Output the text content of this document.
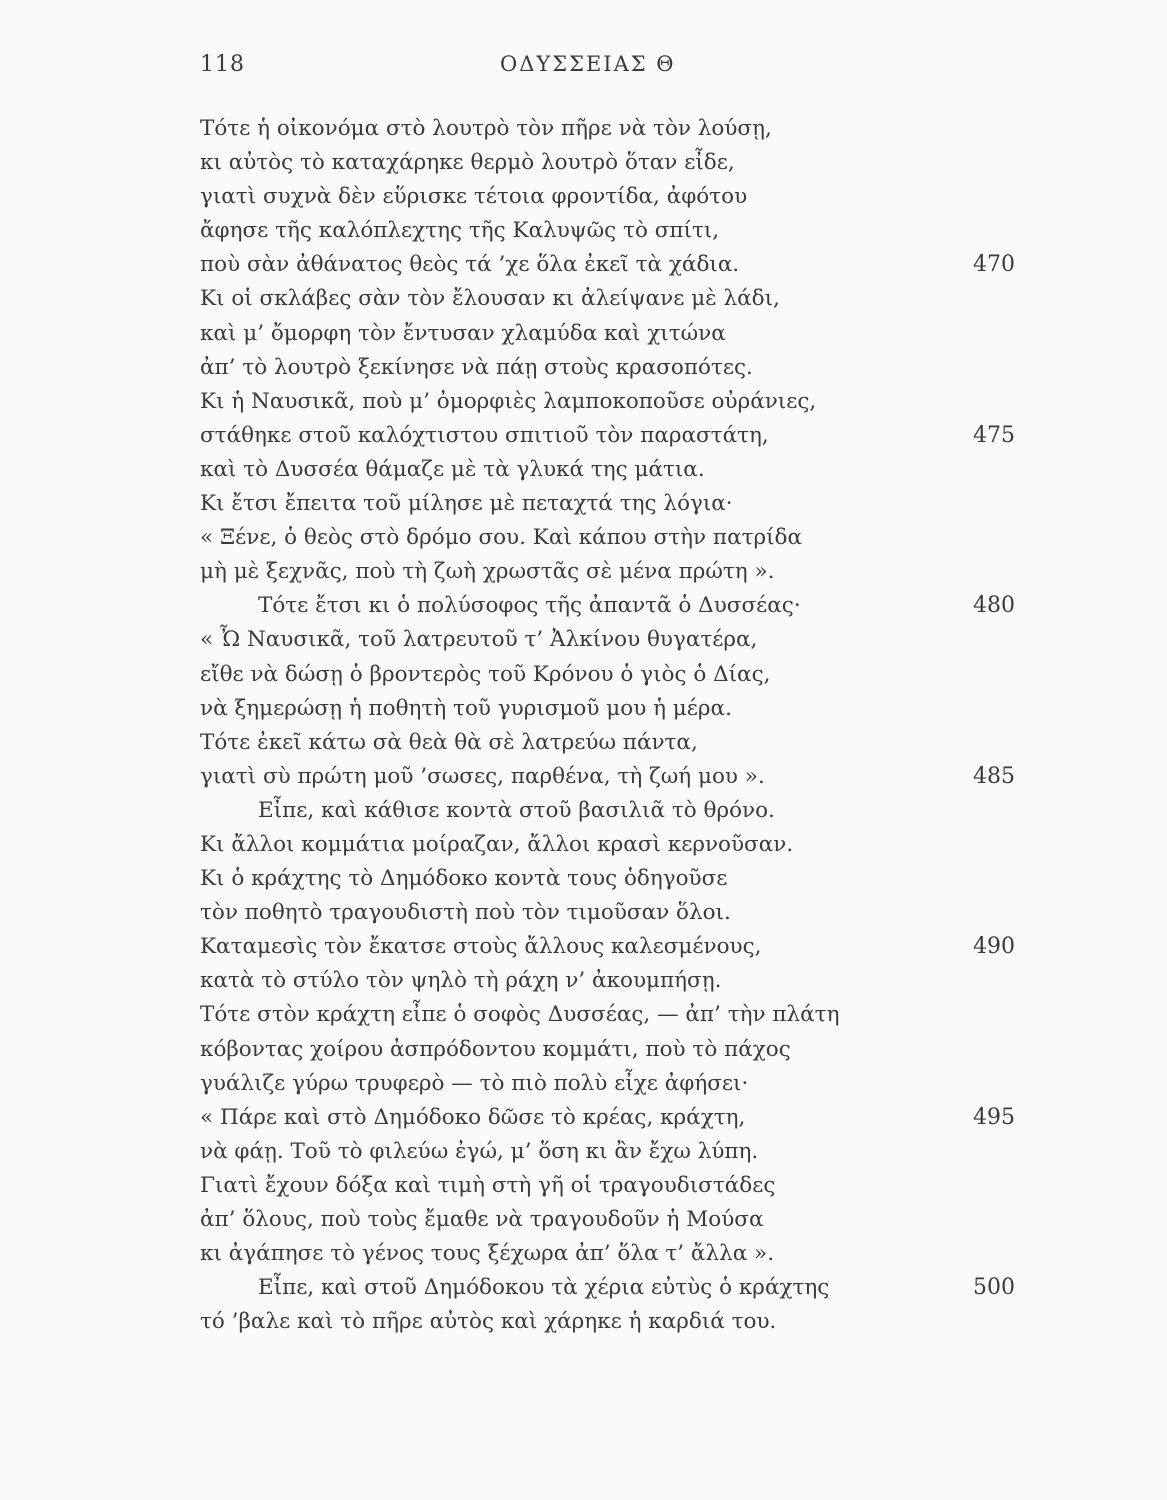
118	ΟΔΥΣΣΕΙΑΣ Θ
Τότε ἡ οἰκονόμα στὸ λουτρὸ τὸν πῆρε νὰ τὸν λούσῃ,
κι αὐτὸς τὸ καταχάρηκε θερμὸ λουτρὸ ὅταν εἶδε,
γιατὶ συχνὰ δὲν εὕρισκε τέτοια φροντίδα, ἀφότου
ἄφησε τῆς καλόπλεχτης τῆς Καλυψῶς τὸ σπίτι,
ποὺ σὰν ἀθάνατος θεὸς τά ’χε ὅλα ἐκεῖ τὰ χάδια.	470
Κι οἱ σκλάβες σὰν τὸν ἔλουσαν κι ἀλείψανε μὲ λάδι,
καὶ μ’ ὄμορφη τὸν ἔντυσαν χλαμύδα καὶ χιτώνα
ἀπ’ τὸ λουτρὸ ξεκίνησε νὰ πάῃ στοὺς κρασοπότες.
Κι ἡ Ναυσικᾶ, ποὺ μ’ ὀμορφιὲς λαμποκοποῦσε οὐράνιες,
στάθηκε στοῦ καλόχτιστου σπιτιοῦ τὸν παραστάτη,	475
καὶ τὸ Δυσσέα θάμαζε μὲ τὰ γλυκά της μάτια.
Κι ἔτσι ἔπειτα τοῦ μίλησε μὲ πεταχτά της λόγια·
« Ξένε, ὁ θεὸς στὸ δρόμο σου. Καὶ κάπου στὴν πατρίδα
μὴ μὲ ξεχνᾶς, ποὺ τὴ ζωὴ χρωστᾶς σὲ μένα πρώτη ».
Τότε ἔτσι κι ὁ πολύσοφος τῆς ἀπαντᾶ ὁ Δυσσέας·	480
« Ὦ Ναυσικᾶ, τοῦ λατρευτοῦ τ’ Ἀλκίνου θυγατέρα,
εἴθε νὰ δώσῃ ὁ βροντερὸς τοῦ Κρόνου ὁ γιὸς ὁ Δίας,
νὰ ξημερώσῃ ἡ ποθητὴ τοῦ γυρισμοῦ μου ἡ μέρα.
Τότε ἐκεῖ κάτω σὰ θεὰ θὰ σὲ λατρεύω πάντα,
γιατὶ σὺ πρώτη μοῦ ’σωσες, παρθένα, τὴ ζωή μου ».	485
Εἶπε, καὶ κάθισε κοντὰ στοῦ βασιλιᾶ τὸ θρόνο.
Κι ἄλλοι κομμάτια μοίραζαν, ἄλλοι κρασὶ κερνοῦσαν.
Κι ὁ κράχτης τὸ Δημόδοκο κοντὰ τους ὁδηγοῦσε
τὸν ποθητὸ τραγουδιστὴ ποὺ τὸν τιμοῦσαν ὅλοι.
Καταμεσὶς τὸν ἔκατσε στοὺς ἄλλους καλεσμένους,	490
κατὰ τὸ στύλο τὸν ψηλὸ τὴ ράχη ν’ ἀκουμπήσῃ.
Τότε στὸν κράχτη εἶπε ὁ σοφὸς Δυσσέας, — ἀπ’ τὴν πλάτη
κόβοντας χοίρου ἀσπρόδοντου κομμάτι, ποὺ τὸ πάχος
γυάλιζε γύρω τρυφερὸ — τὸ πιὸ πολὺ εἶχε ἀφήσει·
« Πάρε καὶ στὸ Δημόδοκο δῶσε τὸ κρέας, κράχτη,	495
νὰ φάῃ. Τοῦ τὸ φιλεύω ἐγώ, μ’ ὅση κι ἂν ἔχω λύπη.
Γιατὶ ἔχουν δόξα καὶ τιμὴ στὴ γῆ οἱ τραγουδιστάδες
ἀπ’ ὅλους, ποὺ τοὺς ἔμαθε νὰ τραγουδοῦν ἡ Μούσα
κι ἀγάπησε τὸ γένος τους ξέχωρα ἀπ’ ὅλα τ’ ἄλλα ».
Εἶπε, καὶ στοῦ Δημόδοκου τὰ χέρια εὐτὺς ὁ κράχτης	500
τό ’βαλε καὶ τὸ πῆρε αὐτὸς καὶ χάρηκε ἡ καρδιά του.
